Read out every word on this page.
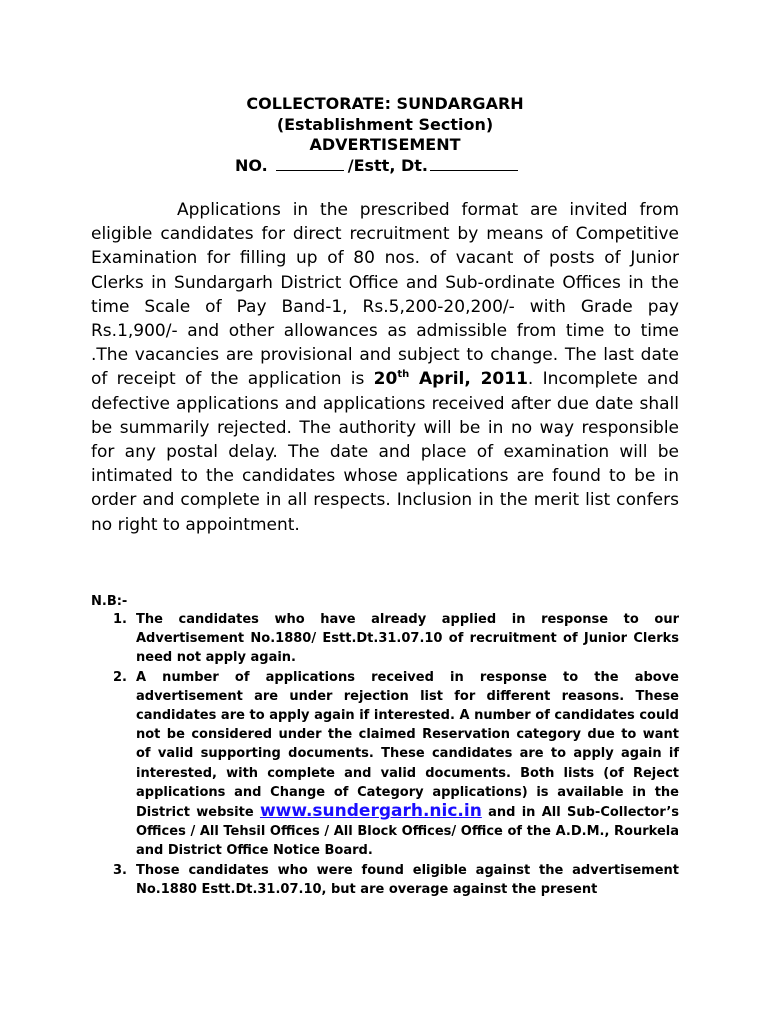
COLLECTORATE: SUNDARGARH
(Establishment Section)
ADVERTISEMENT
NO.	/Estt, Dt.

Applications in the prescribed format are invited from eligible candidates for direct recruitment by means of Competitive Examination for filling up of 80 nos. of vacant of posts of Junior Clerks in Sundargarh District Office and Sub-ordinate Offices in the time Scale of Pay Band-1, Rs.5,200-20,200/- with Grade pay Rs.1,900/- and other allowances as admissible from time to time .The vacancies are provisional and subject to change. The last date of receipt of the application is 20th April, 2011. Incomplete and defective applications and applications received after due date shall be summarily rejected. The authority will be in no way responsible for any postal delay. The date and place of examination will be intimated to the candidates whose applications are found to be in order and complete in all respects. Inclusion in the merit list confers no right to appointment.

N.B:-
1. The candidates who have already applied in response to our Advertisement No.1880/ Estt.Dt.31.07.10 of recruitment of Junior Clerks need not apply again.
2. A number of applications received in response to the above advertisement are under rejection list for different reasons. These candidates are to apply again if interested. A number of candidates could not be considered under the claimed Reservation category due to want of valid supporting documents. These candidates are to apply again if interested, with complete and valid documents. Both lists (of Reject applications and Change of Category applications) is available in the District website www.sundergarh.nic.in and in All Sub-Collector’s Offices / All Tehsil Offices / All Block Offices/ Office of the A.D.M., Rourkela and District Office Notice Board.
3. Those candidates who were found eligible against the advertisement No.1880 Estt.Dt.31.07.10, but are overage against the present
